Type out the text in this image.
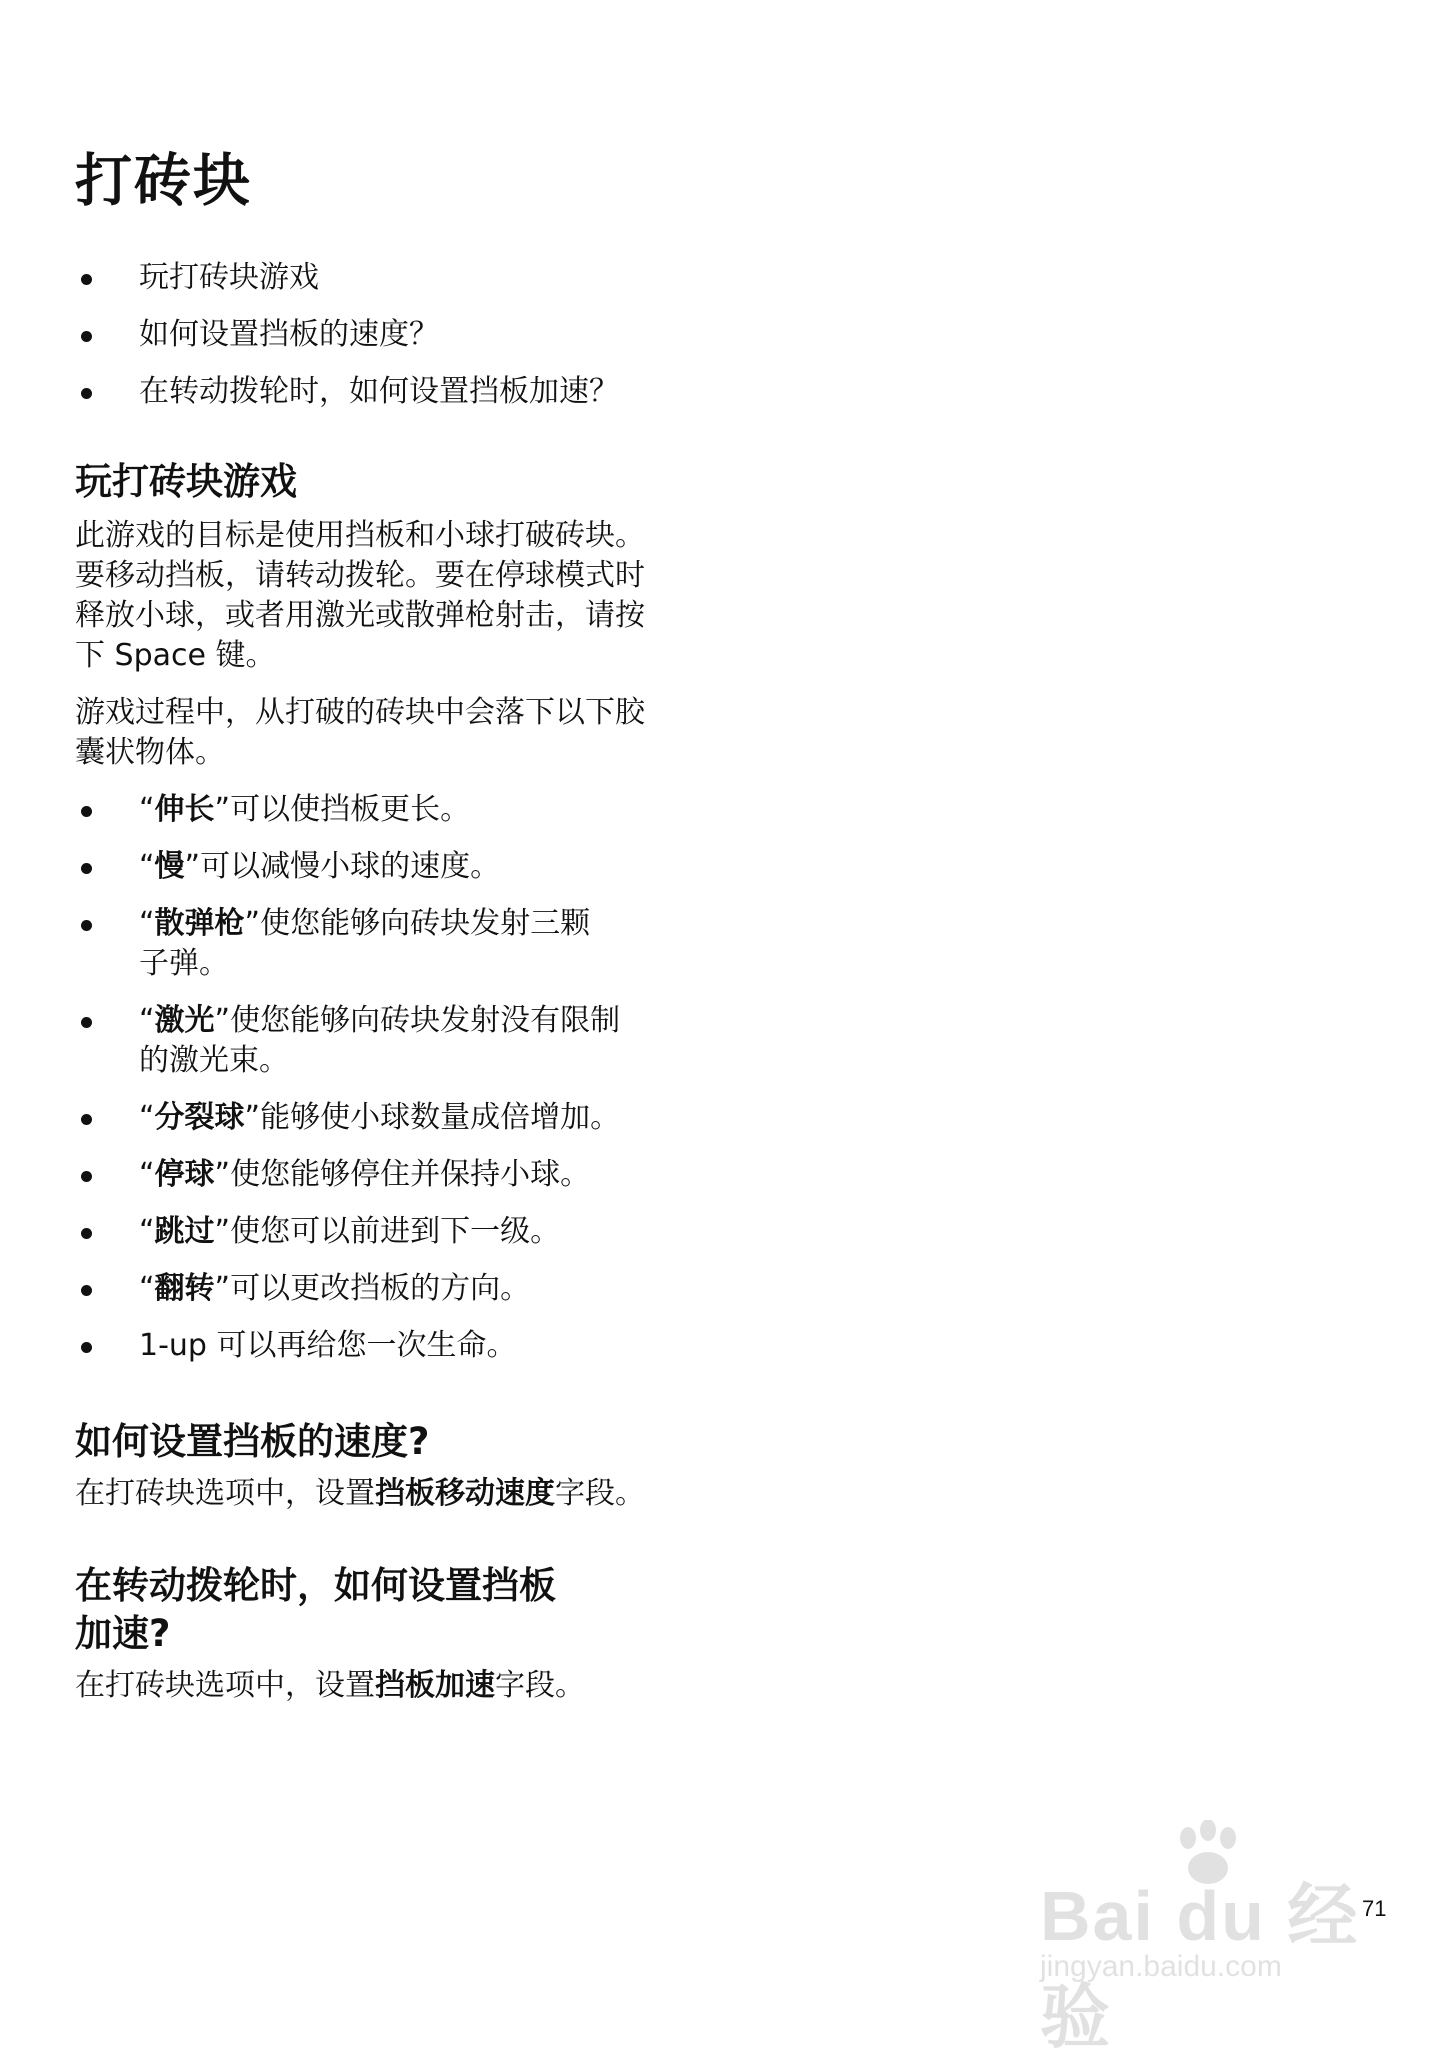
打砖块
玩打砖块游戏
如何设置挡板的速度？
在转动拨轮时，如何设置挡板加速？
玩打砖块游戏

此游戏的目标是使用挡板和小球打破砖块。
要移动挡板，请转动拨轮。要在停球模式时
释放小球，或者用激光或散弹枪射击，请按
下 Space 键。

游戏过程中，从打破的砖块中会落下以下胶
囊状物体。

“伸长”可以使挡板更长。
“慢”可以减慢小球的速度。
“散弹枪”使您能够向砖块发射三颗
子弹。
“激光”使您能够向砖块发射没有限制
的激光束。
“分裂球”能够使小球数量成倍增加。
“停球”使您能够停住并保持小球。
“跳过”使您可以前进到下一级。
“翻转”可以更改挡板的方向。
1-up 可以再给您一次生命。
如何设置挡板的速度?

在打砖块选项中，设置挡板移动速度字段。

在转动拨轮时，如何设置挡板
加速?

在打砖块选项中，设置挡板加速字段。

Bai du 经验
jingyan.baidu.com
71
